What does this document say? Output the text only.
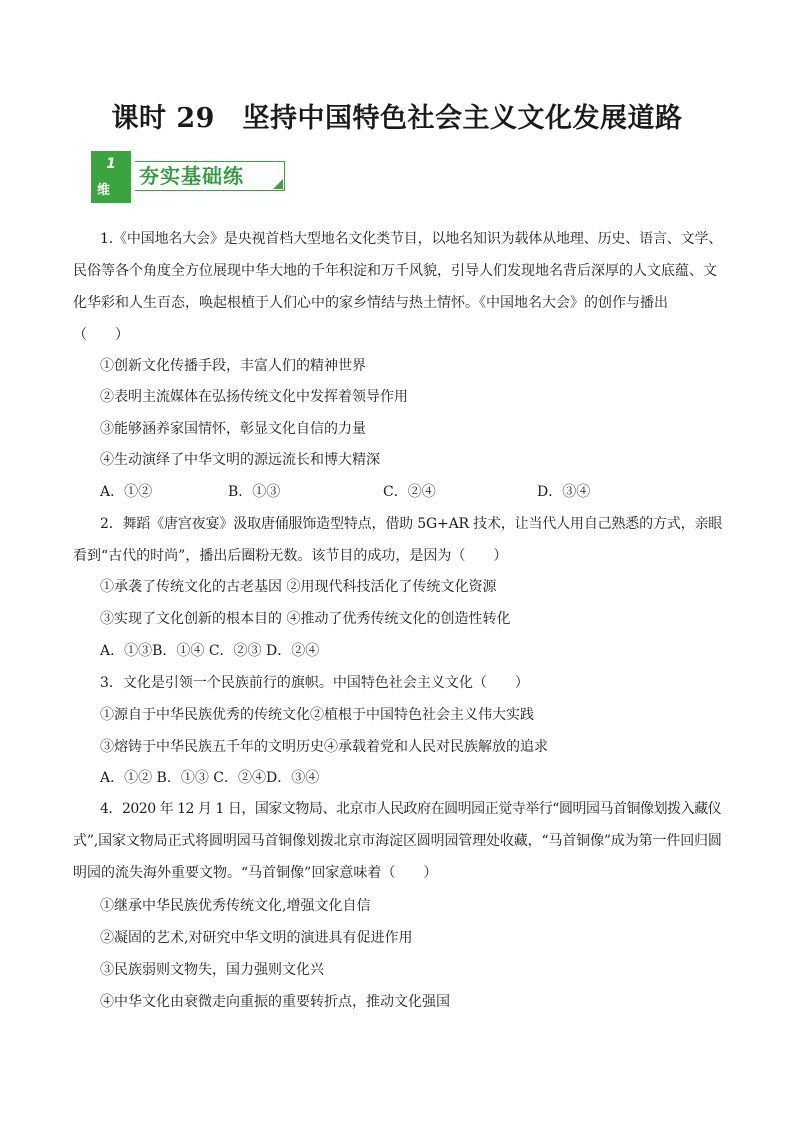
课时 29　坚持中国特色社会主义文化发展道路
1
维
夯实基础练
1.《中国地名大会》是央视首档大型地名文化类节目，以地名知识为载体从地理、历史、语言、文学、
民俗等各个角度全方位展现中华大地的千年积淀和万千风貌，引导人们发现地名背后深厚的人文底蕴、文
化华彩和人生百态，唤起根植于人们心中的家乡情结与热土情怀。《中国地名大会》的创作与播出
（　　）
①创新文化传播手段，丰富人们的精神世界
②表明主流媒体在弘扬传统文化中发挥着领导作用
③能够涵养家国情怀，彰显文化自信的力量
④生动演绎了中华文明的源远流长和博大精深
A．①②	B．①③	C．②④	D．③④
2．舞蹈《唐宫夜宴》汲取唐俑服饰造型特点，借助 5G+AR 技术，让当代人用自己熟悉的方式，亲眼
看到“古代的时尚”，播出后圈粉无数。该节目的成功，是因为（　　）
①承袭了传统文化的古老基因 ②用现代科技活化了传统文化资源
③实现了文化创新的根本目的 ④推动了优秀传统文化的创造性转化
A．①③B．①④ C．②③ D．②④
3．文化是引领一个民族前行的旗帜。中国特色社会主义文化（　　）
①源自于中华民族优秀的传统文化②植根于中国特色社会主义伟大实践
③熔铸于中华民族五千年的文明历史④承载着党和人民对民族解放的追求
A．①② B．①③ C．②④D．③④
4．2020 年 12 月 1 日，国家文物局、北京市人民政府在圆明园正觉寺举行“圆明园马首铜像划拨入藏仪
式”,国家文物局正式将圆明园马首铜像划拨北京市海淀区圆明园管理处收藏，“马首铜像”成为第一件回归圆
明园的流失海外重要文物。“马首铜像”回家意味着（　　）
①继承中华民族优秀传统文化,增强文化自信
②凝固的艺术,对研究中华文明的演进具有促进作用
③民族弱则文物失，国力强则文化兴
④中华文化由衰微走向重振的重要转折点，推动文化强国
